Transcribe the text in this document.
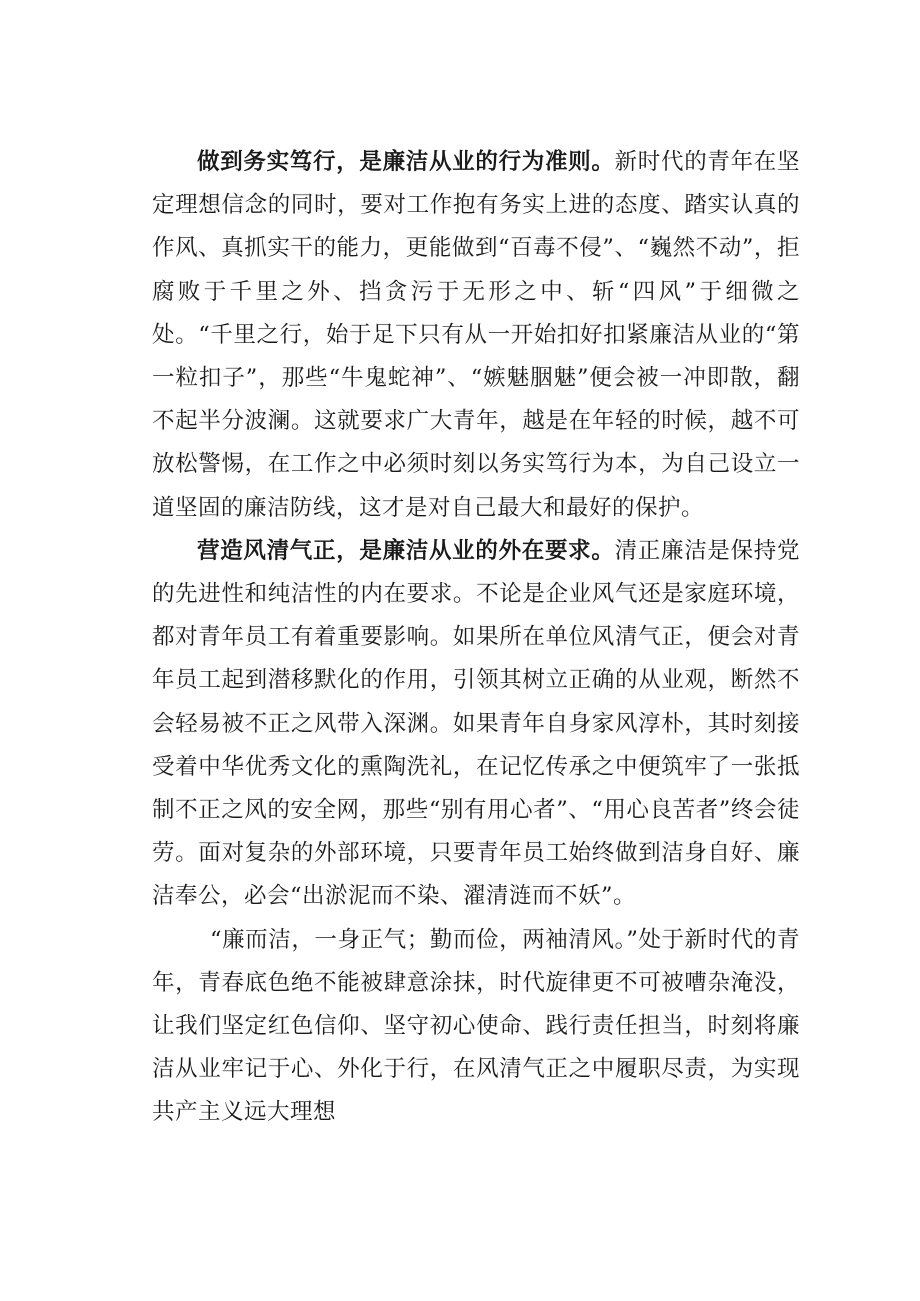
做到务实笃行，是廉洁从业的行为准则。新时代的青年在坚定理想信念的同时，要对工作抱有务实上进的态度、踏实认真的作风、真抓实干的能力，更能做到“百毒不侵”、“巍然不动”，拒腐败于千里之外、挡贪污于无形之中、斩“四风”于细微之处。“千里之行，始于足下只有从一开始扣好扣紧廉洁从业的“第一粒扣子”，那些“牛鬼蛇神”、“嫉魅胭魅”便会被一冲即散，翻不起半分波澜。这就要求广大青年，越是在年轻的时候，越不可放松警惕，在工作之中必须时刻以务实笃行为本，为自己设立一道坚固的廉洁防线，这才是对自己最大和最好的保护。

营造风清气正，是廉洁从业的外在要求。清正廉洁是保持党的先进性和纯洁性的内在要求。不论是企业风气还是家庭环境，都对青年员工有着重要影响。如果所在单位风清气正，便会对青年员工起到潜移默化的作用，引领其树立正确的从业观，断然不会轻易被不正之风带入深渊。如果青年自身家风淳朴，其时刻接受着中华优秀文化的熏陶洗礼，在记忆传承之中便筑牢了一张抵制不正之风的安全网，那些“别有用心者”、“用心良苦者”终会徒劳。面对复杂的外部环境，只要青年员工始终做到洁身自好、廉洁奉公，必会“出淤泥而不染、濯清涟而不妖”。

“廉而洁，一身正气；勤而俭，两袖清风。”处于新时代的青年，青春底色绝不能被肆意涂抹，时代旋律更不可被嘈杂淹没，让我们坚定红色信仰、坚守初心使命、践行责任担当，时刻将廉洁从业牢记于心、外化于行，在风清气正之中履职尽责，为实现共产主义远大理想
